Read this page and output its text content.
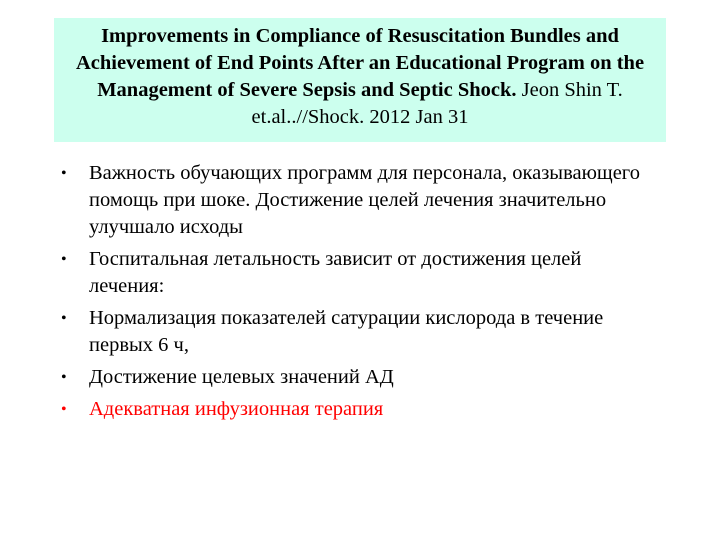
Improvements in Compliance of Resuscitation Bundles and Achievement of End Points After an Educational Program on the Management of Severe Sepsis and Septic Shock. Jeon Shin T. et.al..//Shock. 2012 Jan 31
• Важность обучающих программ для персонала, оказывающего помощь при шоке. Достижение целей лечения значительно улучшало исходы
• Госпитальная летальность зависит от достижения целей лечения:
• Нормализация показателей сатурации кислорода в течение первых 6 ч,
• Достижение целевых значений АД
• Адекватная инфузионная терапия
